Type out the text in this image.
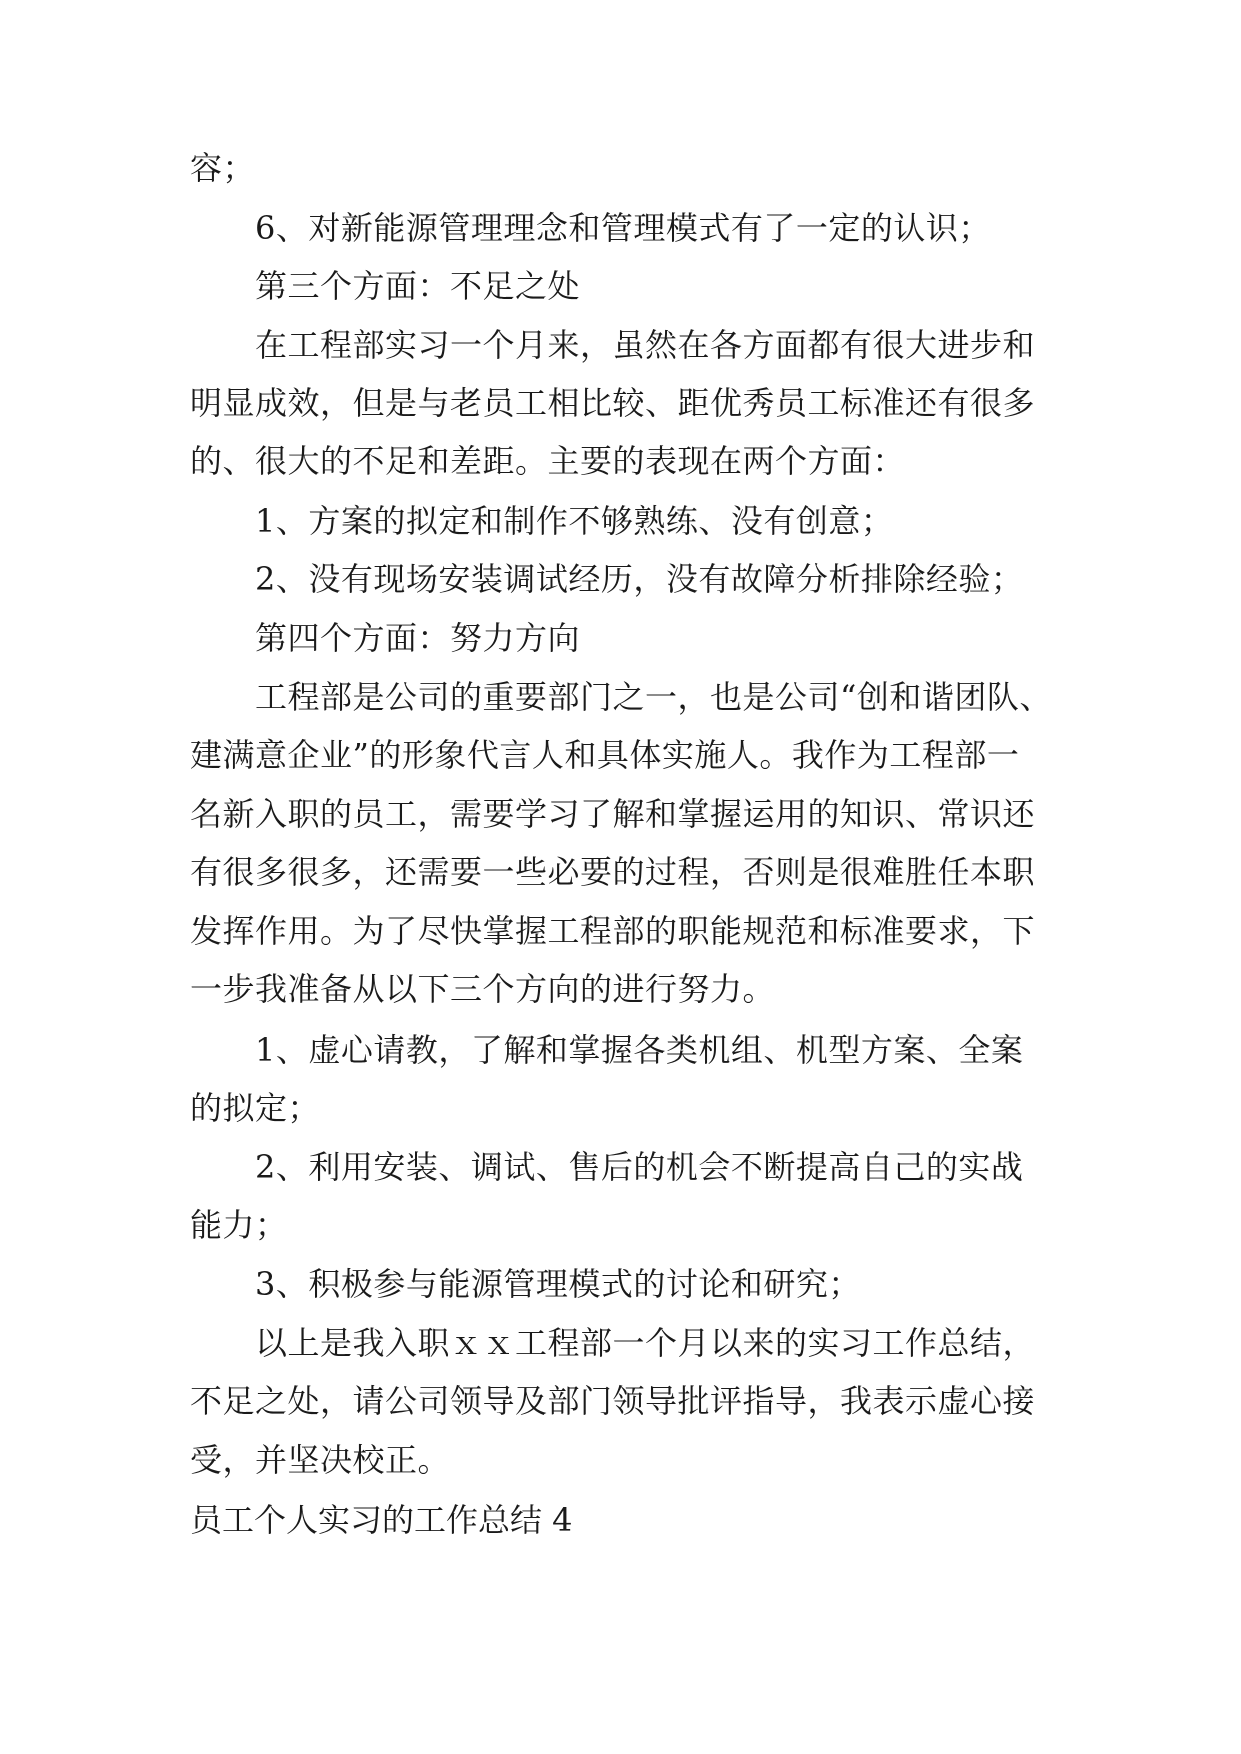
容；
6、对新能源管理理念和管理模式有了一定的认识；
第三个方面：不足之处
在工程部实习一个月来，虽然在各方面都有很大进步和
明显成效，但是与老员工相比较、距优秀员工标准还有很多
的、很大的不足和差距。主要的表现在两个方面：
1、方案的拟定和制作不够熟练、没有创意；
2、没有现场安装调试经历，没有故障分析排除经验；
第四个方面：努力方向
工程部是公司的重要部门之一，也是公司“创和谐团队、
建满意企业”的形象代言人和具体实施人。我作为工程部一
名新入职的员工，需要学习了解和掌握运用的知识、常识还
有很多很多，还需要一些必要的过程，否则是很难胜任本职
发挥作用。为了尽快掌握工程部的职能规范和标准要求，下
一步我准备从以下三个方向的进行努力。
1、虚心请教，了解和掌握各类机组、机型方案、全案
的拟定；
2、利用安装、调试、售后的机会不断提高自己的实战
能力；
3、积极参与能源管理模式的讨论和研究；
以上是我入职ｘｘ工程部一个月以来的实习工作总结，
不足之处，请公司领导及部门领导批评指导，我表示虚心接
受，并坚决校正。
员工个人实习的工作总结 4
